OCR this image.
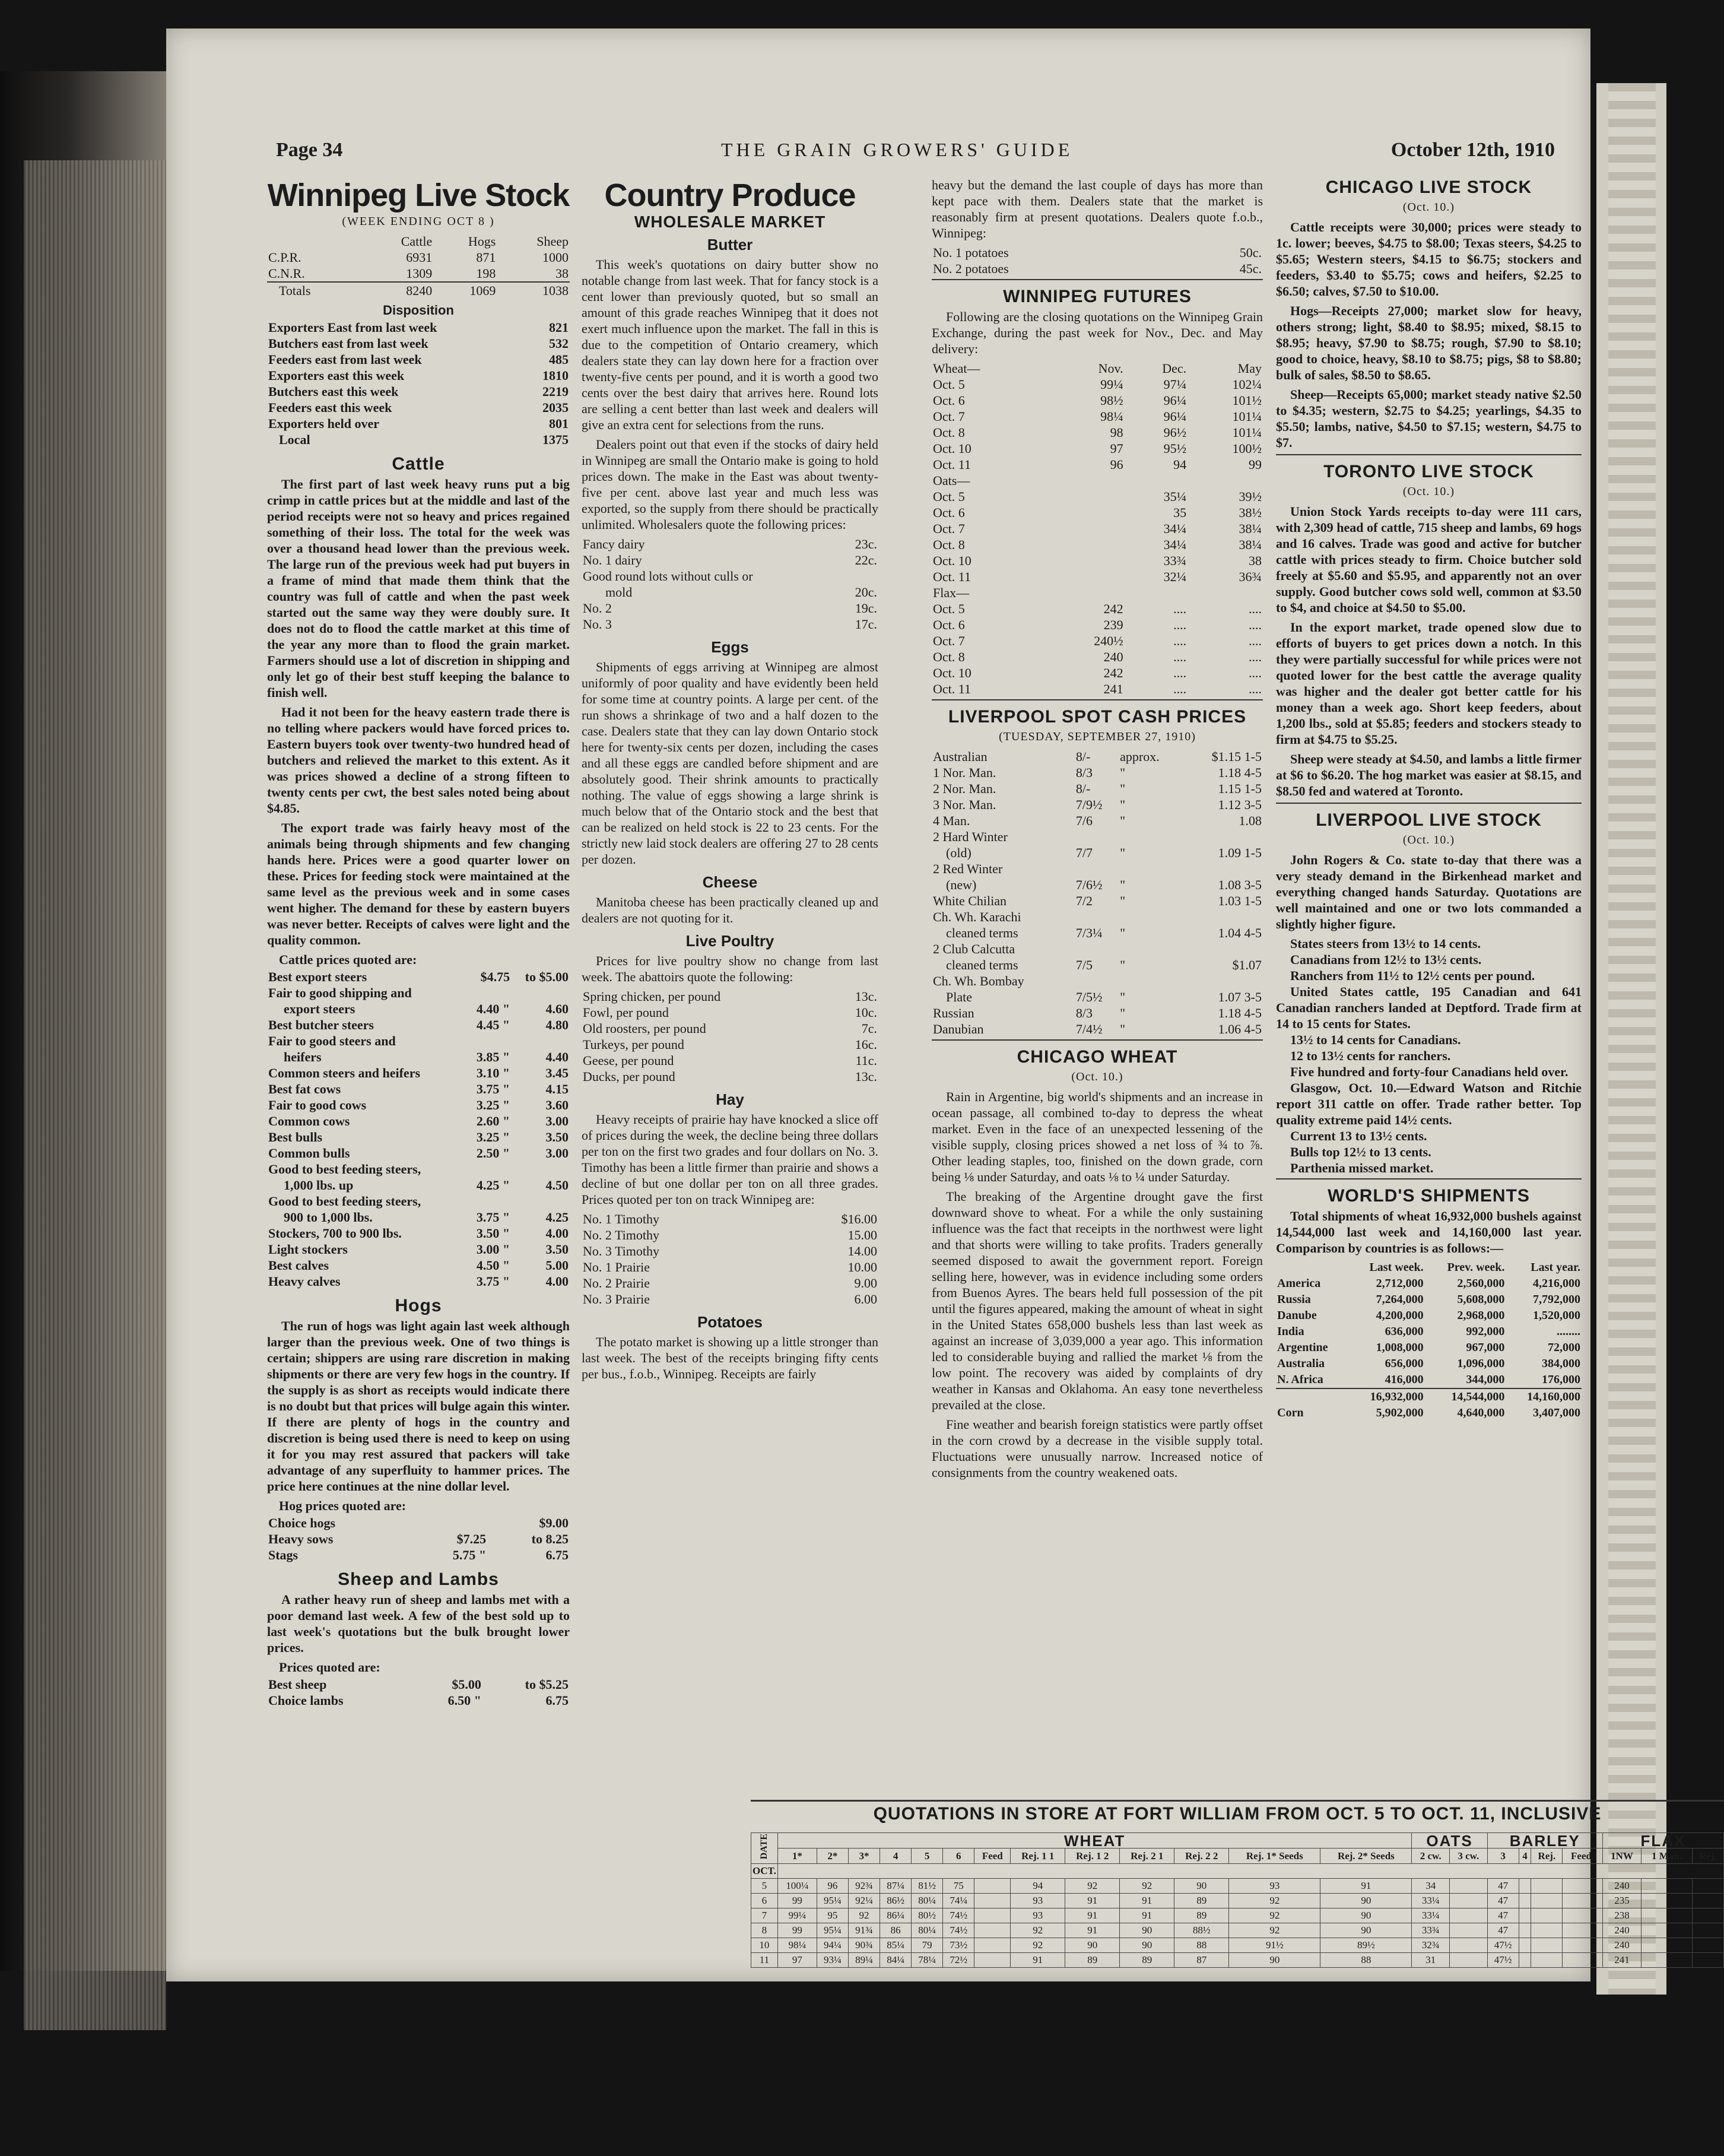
Page 34	THE GRAIN GROWERS' GUIDE	October 12th, 1910
Winnipeg Live Stock
(WEEK ENDING OCT 8 )
	Cattle	Hogs	Sheep
C.P.R.	6931	871	1000
C.N.R.	1309	198	38
Totals	8240	1069	1038
Disposition
Exporters East from last week	821
Butchers east from last week	532
Feeders east from last week	485
Exporters east this week	1810
Butchers east this week	2219
Feeders east this week	2035
Exporters held over	801
Local	1375
Cattle

The first part of last week heavy runs put a big crimp in cattle prices but at the middle and last of the period receipts were not so heavy and prices regained something of their loss. The total for the week was over a thousand head lower than the previous week. The large run of the previous week had put buyers in a frame of mind that made them think that the country was full of cattle and when the past week started out the same way they were doubly sure. It does not do to flood the cattle market at this time of the year any more than to flood the grain market. Farmers should use a lot of discretion in shipping and only let go of their best stuff keeping the balance to finish well.

Had it not been for the heavy eastern trade there is no telling where packers would have forced prices to. Eastern buyers took over twenty-two hundred head of butchers and relieved the market to this extent. As it was prices showed a decline of a strong fifteen to twenty cents per cwt, the best sales noted being about $4.85.

The export trade was fairly heavy most of the animals being through shipments and few changing hands here. Prices were a good quarter lower on these. Prices for feeding stock were maintained at the same level as the previous week and in some cases went higher. The demand for these by eastern buyers was never better. Receipts of calves were light and the quality common.

Cattle prices quoted are:
Best export steers	$4.75	to $5.00
Fair to good shipping and		
export steers	4.40 "	4.60
Best butcher steers	4.45 "	4.80
Fair to good steers and		
heifers	3.85 "	4.40
Common steers and heifers	3.10 "	3.45
Best fat cows	3.75 "	4.15
Fair to good cows	3.25 "	3.60
Common cows	2.60 "	3.00
Best bulls	3.25 "	3.50
Common bulls	2.50 "	3.00
Good to best feeding steers,		
1,000 lbs. up	4.25 "	4.50
Good to best feeding steers,		
900 to 1,000 lbs.	3.75 "	4.25
Stockers, 700 to 900 lbs.	3.50 "	4.00
Light stockers	3.00 "	3.50
Best calves	4.50 "	5.00
Heavy calves	3.75 "	4.00
Hogs

The run of hogs was light again last week although larger than the previous week. One of two things is certain; shippers are using rare discretion in making shipments or there are very few hogs in the country. If the supply is as short as receipts would indicate there is no doubt but that prices will bulge again this winter. If there are plenty of hogs in the country and discretion is being used there is need to keep on using it for you may rest assured that packers will take advantage of any superfluity to hammer prices. The price here continues at the nine dollar level.

Hog prices quoted are:
Choice hogs		$9.00
Heavy sows	$7.25	to 8.25
Stags	5.75 "	6.75
Sheep and Lambs

A rather heavy run of sheep and lambs met with a poor demand last week. A few of the best sold up to last week's quotations but the bulk brought lower prices.

Prices quoted are:
Best sheep	$5.00	to $5.25
Choice lambs	6.50 "	6.75
Country Produce
WHOLESALE MARKET
Butter

This week's quotations on dairy butter show no notable change from last week. That for fancy stock is a cent lower than previously quoted, but so small an amount of this grade reaches Winnipeg that it does not exert much influence upon the market. The fall in this is due to the competition of Ontario creamery, which dealers state they can lay down here for a fraction over twenty-five cents per pound, and it is worth a good two cents over the best dairy that arrives here. Round lots are selling a cent better than last week and dealers will give an extra cent for selections from the runs.

Dealers point out that even if the stocks of dairy held in Winnipeg are small the Ontario make is going to hold prices down. The make in the East was about twenty-five per cent. above last year and much less was exported, so the supply from there should be practically unlimited. Wholesalers quote the following prices:

Fancy dairy	23c.
No. 1 dairy	22c.
Good round lots without culls or	
mold	20c.
No. 2	19c.
No. 3	17c.
Eggs

Shipments of eggs arriving at Winnipeg are almost uniformly of poor quality and have evidently been held for some time at country points. A large per cent. of the run shows a shrinkage of two and a half dozen to the case. Dealers state that they can lay down Ontario stock here for twenty-six cents per dozen, including the cases and all these eggs are candled before shipment and are absolutely good. Their shrink amounts to practically nothing. The value of eggs showing a large shrink is much below that of the Ontario stock and the best that can be realized on held stock is 22 to 23 cents. For the strictly new laid stock dealers are offering 27 to 28 cents per dozen.

Cheese

Manitoba cheese has been practically cleaned up and dealers are not quoting for it.

Live Poultry

Prices for live poultry show no change from last week. The abattoirs quote the following:

Spring chicken, per pound	13c.
Fowl, per pound	10c.
Old roosters, per pound	7c.
Turkeys, per pound	16c.
Geese, per pound	11c.
Ducks, per pound	13c.
Hay

Heavy receipts of prairie hay have knocked a slice off of prices during the week, the decline being three dollars per ton on the first two grades and four dollars on No. 3. Timothy has been a little firmer than prairie and shows a decline of but one dollar per ton on all three grades. Prices quoted per ton on track Winnipeg are:

No. 1 Timothy	$16.00
No. 2 Timothy	15.00
No. 3 Timothy	14.00
No. 1 Prairie	10.00
No. 2 Prairie	9.00
No. 3 Prairie	6.00
Potatoes

The potato market is showing up a little stronger than last week. The best of the receipts bringing fifty cents per bus., f.o.b., Winnipeg. Receipts are fairly

heavy but the demand the last couple of days has more than kept pace with them. Dealers state that the market is reasonably firm at present quotations. Dealers quote f.o.b., Winnipeg:

No. 1 potatoes	50c.
No. 2 potatoes	45c.
WINNIPEG FUTURES

Following are the closing quotations on the Winnipeg Grain Exchange, during the past week for Nov., Dec. and May delivery:

Wheat—	Nov.	Dec.	May
Oct. 5	99¼	97¼	102¼
Oct. 6	98½	96¼	101½
Oct. 7	98¼	96¼	101¼
Oct. 8	98	96½	101¼
Oct. 10	97	95½	100½
Oct. 11	96	94	99
Oats—			
Oct. 5		35¼	39½
Oct. 6		35	38½
Oct. 7		34¼	38¼
Oct. 8		34¼	38¼
Oct. 10		33¾	38
Oct. 11		32¼	36¾
Flax—			
Oct. 5	242	....	....
Oct. 6	239	....	....
Oct. 7	240½	....	....
Oct. 8	240	....	....
Oct. 10	242	....	....
Oct. 11	241	....	....
LIVERPOOL SPOT CASH PRICES
(TUESDAY, SEPTEMBER 27, 1910)
Australian	8/-	approx.	$1.15 1-5
1 Nor. Man.	8/3	"	1.18 4-5
2 Nor. Man.	8/-	"	1.15 1-5
3 Nor. Man.	7/9½	"	1.12 3-5
4 Man.	7/6	"	1.08
2 Hard Winter			
(old)	7/7	"	1.09 1-5
2 Red Winter			
(new)	7/6½	"	1.08 3-5
White Chilian	7/2	"	1.03 1-5
Ch. Wh. Karachi			
cleaned terms	7/3¼	"	1.04 4-5
2 Club Calcutta			
cleaned terms	7/5	"	$1.07
Ch. Wh. Bombay			
Plate	7/5½	"	1.07 3-5
Russian	8/3	"	1.18 4-5
Danubian	7/4½	"	1.06 4-5
CHICAGO WHEAT
(Oct. 10.)

Rain in Argentine, big world's shipments and an increase in ocean passage, all combined to-day to depress the wheat market. Even in the face of an unexpected lessening of the visible supply, closing prices showed a net loss of ¾ to ⅞. Other leading staples, too, finished on the down grade, corn being ⅛ under Saturday, and oats ⅛ to ¼ under Saturday.

The breaking of the Argentine drought gave the first downward shove to wheat. For a while the only sustaining influence was the fact that receipts in the northwest were light and that shorts were willing to take profits. Traders generally seemed disposed to await the government report. Foreign selling here, however, was in evidence including some orders from Buenos Ayres. The bears held full possession of the pit until the figures appeared, making the amount of wheat in sight in the United States 658,000 bushels less than last week as against an increase of 3,039,000 a year ago. This information led to considerable buying and rallied the market ⅛ from the low point. The recovery was aided by complaints of dry weather in Kansas and Oklahoma. An easy tone nevertheless prevailed at the close.

Fine weather and bearish foreign statistics were partly offset in the corn crowd by a decrease in the visible supply total. Fluctuations were unusually narrow. Increased notice of consignments from the country weakened oats.

CHICAGO LIVE STOCK
(Oct. 10.)

Cattle receipts were 30,000; prices were steady to 1c. lower; beeves, $4.75 to $8.00; Texas steers, $4.25 to $5.65; Western steers, $4.15 to $6.75; stockers and feeders, $3.40 to $5.75; cows and heifers, $2.25 to $6.50; calves, $7.50 to $10.00.

Hogs—Receipts 27,000; market slow for heavy, others strong; light, $8.40 to $8.95; mixed, $8.15 to $8.95; heavy, $7.90 to $8.75; rough, $7.90 to $8.10; good to choice, heavy, $8.10 to $8.75; pigs, $8 to $8.80; bulk of sales, $8.50 to $8.65.

Sheep—Receipts 65,000; market steady native $2.50 to $4.35; western, $2.75 to $4.25; yearlings, $4.35 to $5.50; lambs, native, $4.50 to $7.15; western, $4.75 to $7.

TORONTO LIVE STOCK
(Oct. 10.)

Union Stock Yards receipts to-day were 111 cars, with 2,309 head of cattle, 715 sheep and lambs, 69 hogs and 16 calves. Trade was good and active for butcher cattle with prices steady to firm. Choice butcher sold freely at $5.60 and $5.95, and apparently not an over supply. Good butcher cows sold well, common at $3.50 to $4, and choice at $4.50 to $5.00.

In the export market, trade opened slow due to efforts of buyers to get prices down a notch. In this they were partially successful for while prices were not quoted lower for the best cattle the average quality was higher and the dealer got better cattle for his money than a week ago. Short keep feeders, about 1,200 lbs., sold at $5.85; feeders and stockers steady to firm at $4.75 to $5.25.

Sheep were steady at $4.50, and lambs a little firmer at $6 to $6.20. The hog market was easier at $8.15, and $8.50 fed and watered at Toronto.

LIVERPOOL LIVE STOCK
(Oct. 10.)

John Rogers & Co. state to-day that there was a very steady demand in the Birkenhead market and everything changed hands Saturday. Quotations are well maintained and one or two lots commanded a slightly higher figure.

States steers from 13½ to 14 cents.

Canadians from 12½ to 13½ cents.

Ranchers from 11½ to 12½ cents per pound.

United States cattle, 195 Canadian and 641 Canadian ranchers landed at Deptford. Trade firm at 14 to 15 cents for States.

13½ to 14 cents for Canadians.

12 to 13½ cents for ranchers.

Five hundred and forty-four Canadians held over.

Glasgow, Oct. 10.—Edward Watson and Ritchie report 311 cattle on offer. Trade rather better. Top quality extreme paid 14½ cents.

Current 13 to 13½ cents.

Bulls top 12½ to 13 cents.

Parthenia missed market.

WORLD'S SHIPMENTS

Total shipments of wheat 16,932,000 bushels against 14,544,000 last week and 14,160,000 last year. Comparison by countries is as follows:—

	Last week.	Prev. week.	Last year.
America	2,712,000	2,560,000	4,216,000
Russia	7,264,000	5,608,000	7,792,000
Danube	4,200,000	2,968,000	1,520,000
India	636,000	992,000	........
Argentine	1,008,000	967,000	72,000
Australia	656,000	1,096,000	384,000
N. Africa	416,000	344,000	176,000
	16,932,000	14,544,000	14,160,000
Corn	5,902,000	4,640,000	3,407,000
QUOTATIONS IN STORE AT FORT WILLIAM FROM OCT. 5 TO OCT. 11, INCLUSIVE
DATE	WHEAT													OATS		BARLEY				FLAX		
	1*	2*	3*	4	5	6	Feed	Rej. 1 1	Rej. 1 2	Rej. 2 1	Rej. 2 2	Rej. 1* Seeds	Rej. 2* Seeds	2 cw.	3 cw.	3	4	Rej.	Feed.	1NW	1 Man.	Rej.
OCT.																						
5	100¼	96	92¾	87¼	81½	75		94	92	92	90	93	91	34		47				240		
6	99	95¼	92¼	86½	80¼	74¼		93	91	91	89	92	90	33¼		47				235		
7	99¼	95	92	86¼	80½	74½		93	91	91	89	92	90	33¼		47				238		
8	99	95¼	91¾	86	80¼	74½		92	91	90	88½	92	90	33¾		47				240		
10	98¼	94¼	90¾	85¼	79	73½		92	90	90	88	91½	89½	32¾		47½				240		
11	97	93¼	89¼	84¼	78¼	72½		91	89	89	87	90	88	31		47½				241		
